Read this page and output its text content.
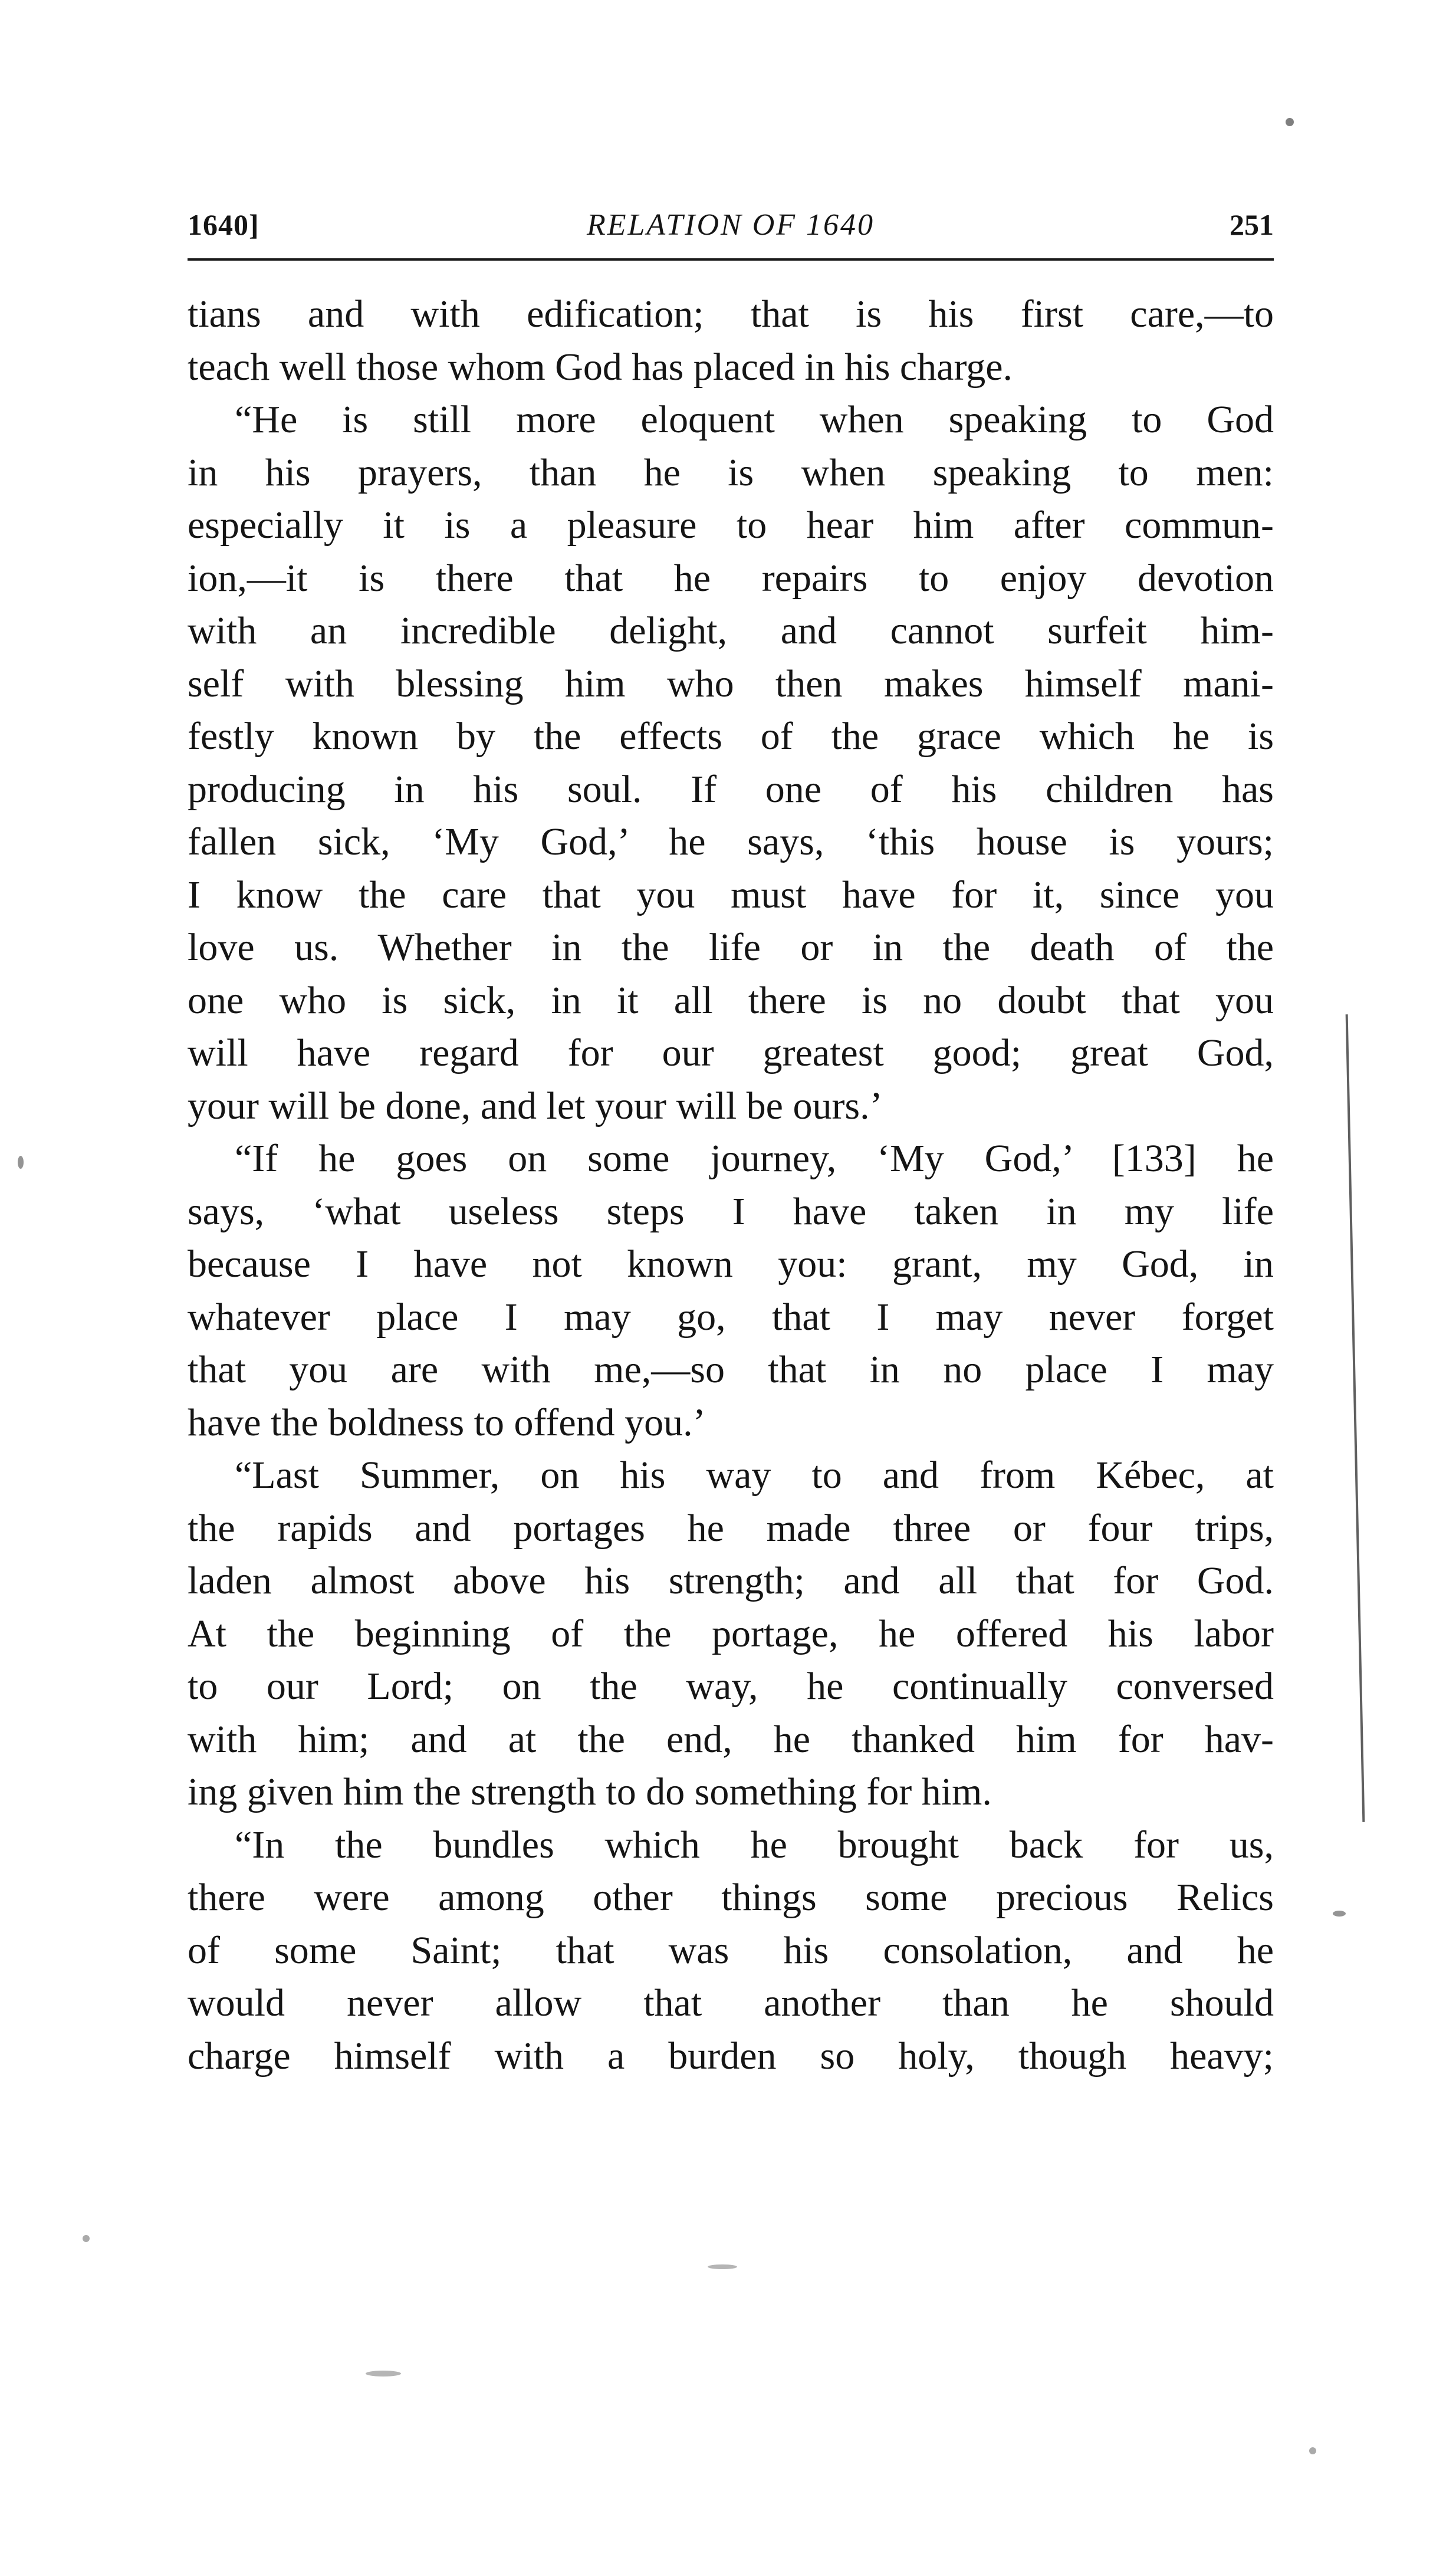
1640]	RELATION OF 1640	251
tians and with edification; that is his first care,—to
teach well those whom God has placed in his charge.
“He is still more eloquent when speaking to God
in his prayers, than he is when speaking to men:
especially it is a pleasure to hear him after commun-
ion,—it is there that he repairs to enjoy devotion
with an incredible delight, and cannot surfeit him-
self with blessing him who then makes himself mani-
festly known by the effects of the grace which he is
producing in his soul. If one of his children has
fallen sick, ‘My God,’ he says, ‘this house is yours;
I know the care that you must have for it, since you
love us. Whether in the life or in the death of the
one who is sick, in it all there is no doubt that you
will have regard for our greatest good; great God,
your will be done, and let your will be ours.’
“If he goes on some journey, ‘My God,’ [133] he
says, ‘what useless steps I have taken in my life
because I have not known you: grant, my God, in
whatever place I may go, that I may never forget
that you are with me,—so that in no place I may
have the boldness to offend you.’
“Last Summer, on his way to and from Kébec, at
the rapids and portages he made three or four trips,
laden almost above his strength; and all that for God.
At the beginning of the portage, he offered his labor
to our Lord; on the way, he continually conversed
with him; and at the end, he thanked him for hav-
ing given him the strength to do something for him.
“In the bundles which he brought back for us,
there were among other things some precious Relics
of some Saint; that was his consolation, and he
would never allow that another than he should
charge himself with a burden so holy, though heavy;
